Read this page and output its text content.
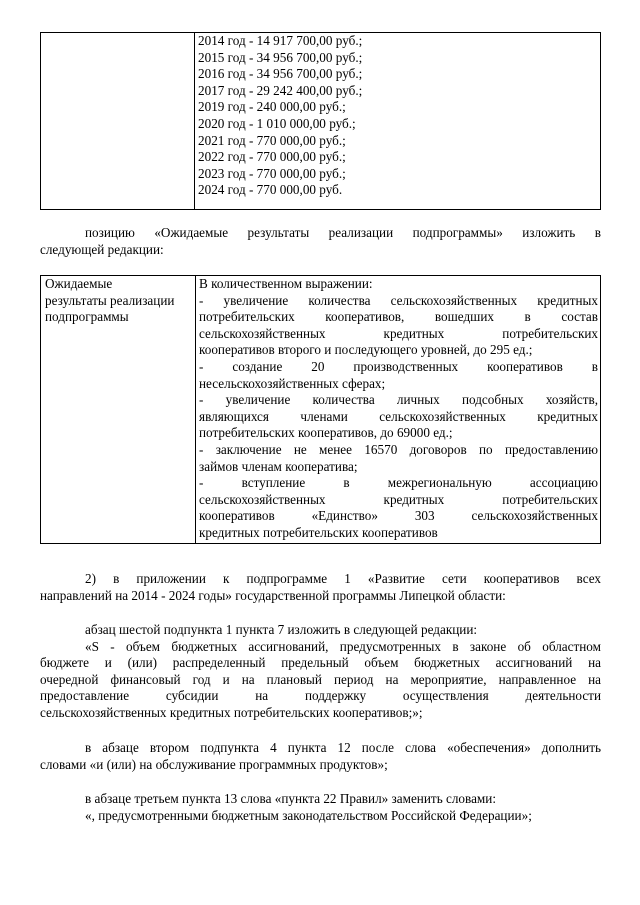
2014 год - 14 917 700,00 руб.;
2015 год - 34 956 700,00 руб.;
2016 год - 34 956 700,00 руб.;
2017 год - 29 242 400,00 руб.;
2019 год - 240 000,00 руб.;
2020 год - 1 010 000,00 руб.;
2021 год - 770 000,00 руб.;
2022 год - 770 000,00 руб.;
2023 год - 770 000,00 руб.;
2024 год - 770 000,00 руб.
позицию «Ожидаемые результаты реализации подпрограммы» изложить в
следующей редакции:
Ожидаемые
результаты реализации
подпрограммы

В количественном выражении:
- увеличение количества сельскохозяйственных кредитных
потребительских кооперативов, вошедших в состав
сельскохозяйственных кредитных потребительских
кооперативов второго и последующего уровней, до 295 ед.;
- создание 20 производственных кооперативов в
несельскохозяйственных сферах;
- увеличение количества личных подсобных хозяйств,
являющихся членами сельскохозяйственных кредитных
потребительских кооперативов, до 69000 ед.;
- заключение не менее 16570 договоров по предоставлению
займов членам кооператива;
- вступление в межрегиональную ассоциацию
сельскохозяйственных кредитных потребительских
кооперативов «Единство» 303 сельскохозяйственных
кредитных потребительских кооперативов
2) в приложении к подпрограмме 1 «Развитие сети кооперативов всех
направлений на 2014 - 2024 годы» государственной программы Липецкой области:
абзац шестой подпункта 1 пункта 7 изложить в следующей редакции:
«S - объем бюджетных ассигнований, предусмотренных в законе об областном
бюджете и (или) распределенный предельный объем бюджетных ассигнований на
очередной финансовый год и на плановый период на мероприятие, направленное на
предоставление субсидии на поддержку осуществления деятельности
сельскохозяйственных кредитных потребительских кооперативов;»;
в абзаце втором подпункта 4 пункта 12 после слова «обеспечения» дополнить
словами «и (или) на обслуживание программных продуктов»;
в абзаце третьем пункта 13 слова «пункта 22 Правил» заменить словами:
«, предусмотренными бюджетным законодательством Российской Федерации»;
